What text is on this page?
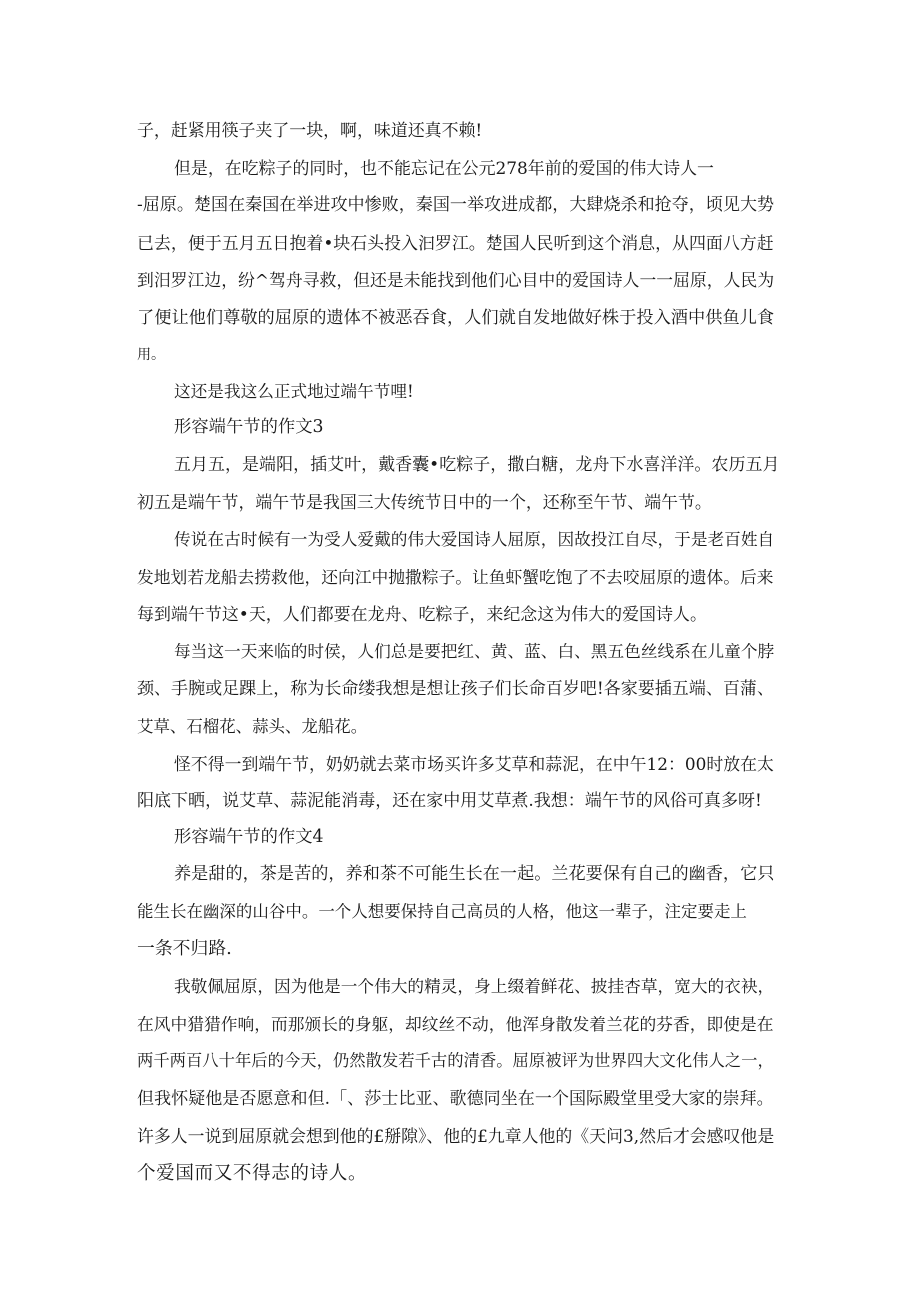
子，赶紧用筷子夹了一块，啊，味道还真不赖!
但是，在吃粽子的同时，也不能忘记在公元278年前的爱国的伟大诗人一
-屈原。楚国在秦国在举进攻中惨败，秦国一举攻进成都，大肆烧杀和抢夺，顷见大势
已去，便于五月五日抱着•块石头投入汩罗江。楚国人民听到这个消息，从四面八方赶
到汨罗江边，纷^驾舟寻救，但还是未能找到他们心目中的爱国诗人一一屈原，人民为
了便让他们尊敬的屈原的遗体不被恶吞食，人们就自发地做好株于投入酒中供鱼儿食
用。
这还是我这么正式地过端午节哩!
形容端午节的作文3
五月五，是端阳，插艾叶，戴香囊•吃粽子，撒白糖，龙舟下水喜洋洋。农历五月
初五是端午节，端午节是我国三大传统节日中的一个，还称至午节、端午节。
传说在古时候有一为受人爱戴的伟大爱国诗人屈原，因故投江自尽，于是老百姓自
发地划若龙船去捞救他，还向江中抛撒粽子。让鱼虾蟹吃饱了不去咬屈原的遗体。后来
每到端午节这•天，人们都要在龙舟、吃粽子，来纪念这为伟大的爱国诗人。
每当这一天来临的时侯，人们总是要把红、黄、蓝、白、黑五色丝线系在儿童个脖
颈、手腕或足踝上，称为长命缕我想是想让孩子们长命百岁吧!各家要插五端、百蒲、
艾草、石榴花、蒜头、龙船花。
怪不得一到端午节，奶奶就去菜市场买许多艾草和蒜泥，在中午12：00时放在太
阳底下晒，说艾草、蒜泥能消毒，还在家中用艾草煮.我想：端午节的风俗可真多呀!
形容端午节的作文4
养是甜的，茶是苦的，养和茶不可能生长在一起。兰花要保有自己的幽香，它只
能生长在幽深的山谷中。一个人想要保持自己高员的人格，他这一辈子，注定要走上
一条不归路.
我敬佩屈原，因为他是一个伟大的精灵，身上缀着鲜花、披挂杏草，宽大的衣袂，
在风中猎猎作响，而那颁长的身躯，却纹丝不动，他浑身散发着兰花的芬香，即使是在
两千两百八十年后的今天，仍然散发若千古的清香。屈原被评为世界四大文化伟人之一，
但我怀疑他是否愿意和但.「、莎士比亚、歌德同坐在一个国际殿堂里受大家的崇拜。
许多人一说到屈原就会想到他的£掰隙》、他的£九章人他的《天问3,然后才会感叹他是
个爱国而又不得志的诗人。
